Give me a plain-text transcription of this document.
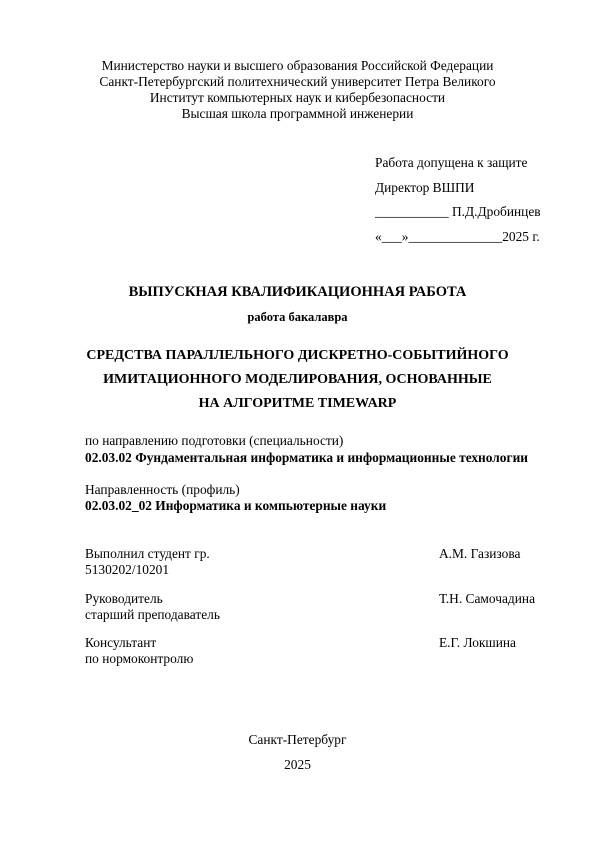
Министерство науки и высшего образования Российской Федерации
Санкт-Петербургский политехнический университет Петра Великого
Институт компьютерных наук и кибербезопасности
Высшая школа программной инженерии
Работа допущена к защите
Директор ВШПИ
___________ П.Д.Дробинцев
«___»______________2025 г.
ВЫПУСКНАЯ КВАЛИФИКАЦИОННАЯ РАБОТА
работа бакалавра
СРЕДСТВА ПАРАЛЛЕЛЬНОГО ДИСКРЕТНО-СОБЫТИЙНОГО
ИМИТАЦИОННОГО МОДЕЛИРОВАНИЯ, ОСНОВАННЫЕ
НА АЛГОРИТМЕ TIMEWARP
по направлению подготовки (специальности)
02.03.02 Фундаментальная информатика и информационные технологии
Направленность (профиль)
02.03.02_02 Информатика и компьютерные науки
Выполнил студент гр.
5130202/10201
А.М. Газизова
Руководитель
старший преподаватель
Т.Н. Самочадина
Консультант
по нормоконтролю
Е.Г. Локшина
Санкт-Петербург
2025
